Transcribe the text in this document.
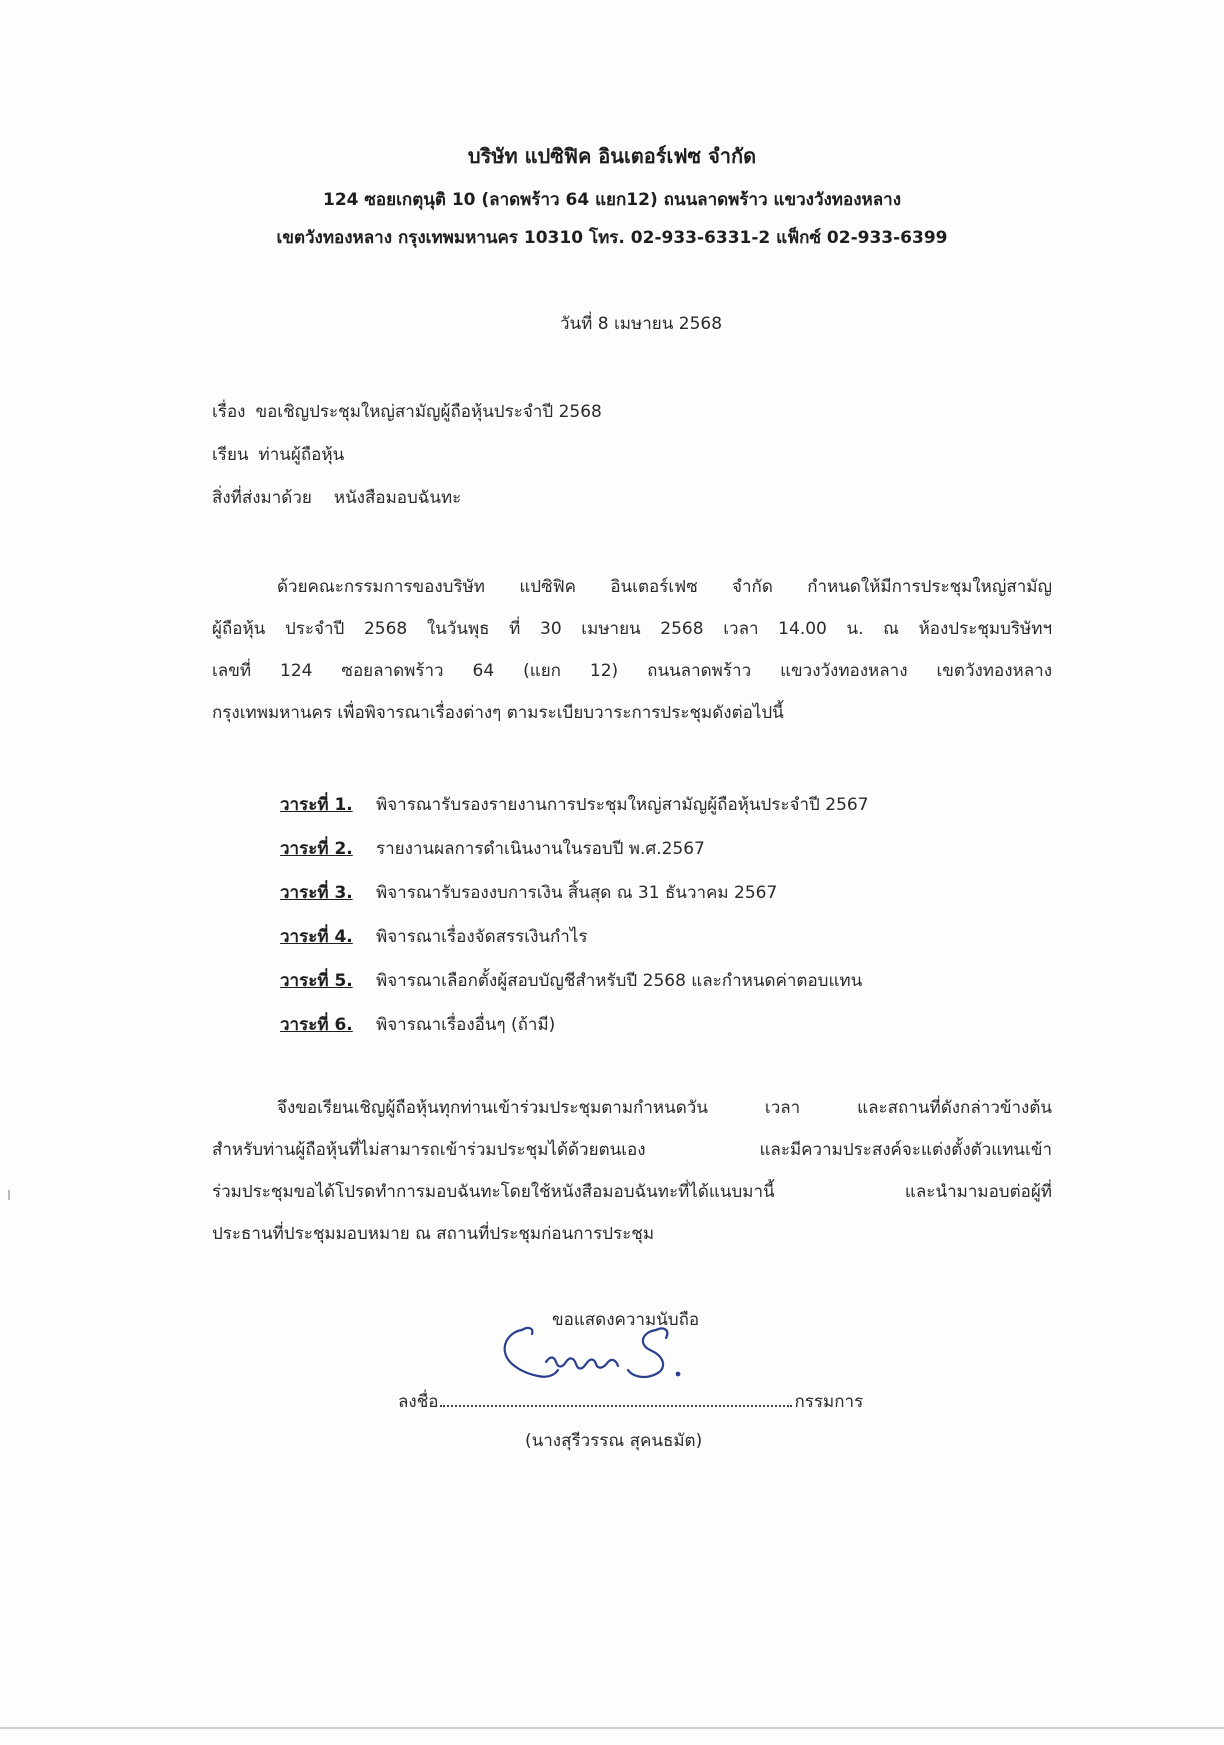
บริษัท แปซิฟิค อินเตอร์เฟซ จำกัด
124 ซอยเกตุนุติ 10 (ลาดพร้าว 64 แยก12) ถนนลาดพร้าว แขวงวังทองหลาง
เขตวังทองหลาง กรุงเทพมหานคร 10310 โทร. 02-933-6331-2 แฟ็กซ์ 02-933-6399
วันที่ 8 เมษายน 2568
เรื่อง ขอเชิญประชุมใหญ่สามัญผู้ถือหุ้นประจำปี 2568
เรียน ท่านผู้ถือหุ้น
สิ่งที่ส่งมาด้วย หนังสือมอบฉันทะ
ด้วยคณะกรรมการของบริษัท แปซิฟิค อินเตอร์เฟซ จำกัด กำหนดให้มีการประชุมใหญ่สามัญ
ผู้ถือหุ้น ประจำปี 2568 ในวันพุธ ที่ 30 เมษายน 2568 เวลา 14.00 น. ณ ห้องประชุมบริษัทฯ
เลขที่ 124 ซอยลาดพร้าว 64 (แยก 12) ถนนลาดพร้าว แขวงวังทองหลาง เขตวังทองหลาง
กรุงเทพมหานคร เพื่อพิจารณาเรื่องต่างๆ ตามระเบียบวาระการประชุมดังต่อไปนี้
วาระที่ 1. พิจารณารับรองรายงานการประชุมใหญ่สามัญผู้ถือหุ้นประจำปี 2567
วาระที่ 2. รายงานผลการดำเนินงานในรอบปี พ.ศ.2567
วาระที่ 3. พิจารณารับรองงบการเงิน สิ้นสุด ณ 31 ธันวาคม 2567
วาระที่ 4. พิจารณาเรื่องจัดสรรเงินกำไร
วาระที่ 5. พิจารณาเลือกตั้งผู้สอบบัญชีสำหรับปี 2568 และกำหนดค่าตอบแทน
วาระที่ 6. พิจารณาเรื่องอื่นๆ (ถ้ามี)
จึงขอเรียนเชิญผู้ถือหุ้นทุกท่านเข้าร่วมประชุมตามกำหนดวัน เวลา และสถานที่ดังกล่าวข้างต้น
สำหรับท่านผู้ถือหุ้นที่ไม่สามารถเข้าร่วมประชุมได้ด้วยตนเอง และมีความประสงค์จะแต่งตั้งตัวแทนเข้า
ร่วมประชุมขอได้โปรดทำการมอบฉันทะโดยใช้หนังสือมอบฉันทะที่ได้แนบมานี้ และนำมามอบต่อผู้ที่
ประธานที่ประชุมมอบหมาย ณ สถานที่ประชุมก่อนการประชุม
ขอแสดงความนับถือ
ลงชื่อ	กรรมการ
(นางสุรีวรรณ สุคนธมัต)
